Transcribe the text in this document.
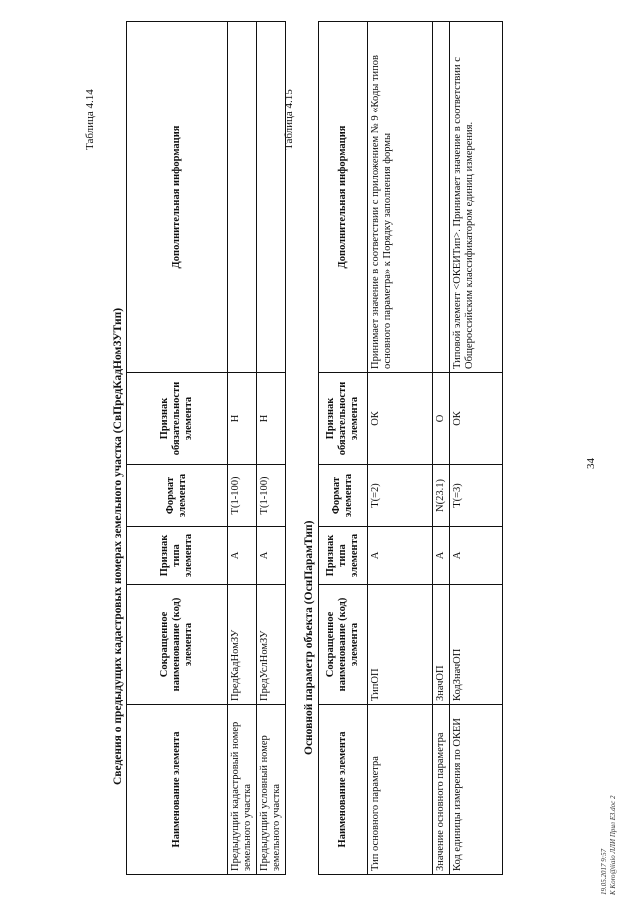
34
Таблица 4.14
Сведения о предыдущих кадастровых номерах земельного участка (СвПредКадНомЗУТип)
Наименование элемента	Сокращенное наименование (код) элемента	Признак типа элемента	Формат элемента	Признак обязательности элемента	Дополнительная информация
Предыдущий кадастровый номер земельного участка	ПредКадНомЗУ	А	Т(1-100)	Н	
Предыдущий условный номер земельного участка	ПредУслНомЗУ	А	Т(1-100)	Н	
Таблица 4.15
Основной параметр объекта (ОснПарамТип)
Наименование элемента	Сокращенное наименование (код) элемента	Признак типа элемента	Формат элемента	Признак обязательности элемента	Дополнительная информация
Тип основного параметра	ТипОП	А	Т(=2)	ОК	Принимает значение в соответствии с приложением № 9 «Коды типов основного параметра» к Порядку заполнения формы
Значение основного параметра	ЗначОП	А	N(23.1)	О	
Код единицы измерения по ОКЕИ	КодЗначОП	А	Т(=3)	ОК	Типовой элемент <ОКЕИТип>. Принимает значение в соответствии с Общероссийским классификатором единиц измерения.
19.05.2017 9:57 К Koro@iiaio ЛЛИ Прил ЕЗ.doc 2
